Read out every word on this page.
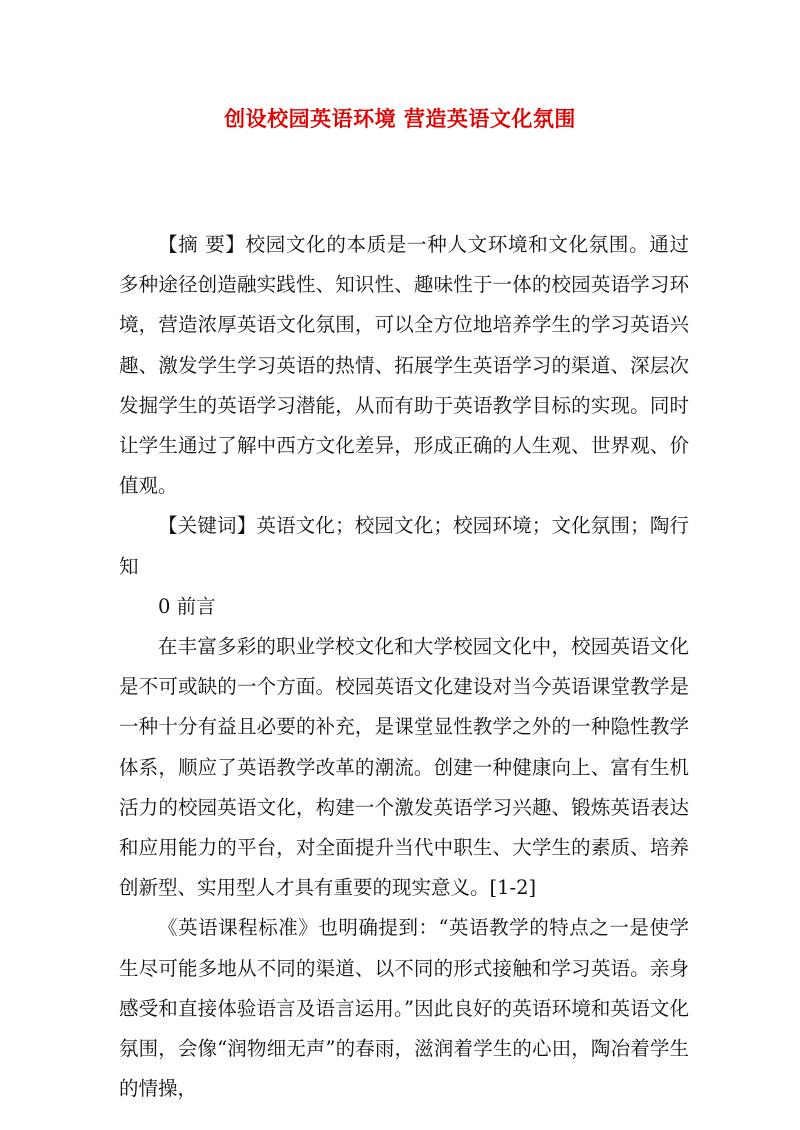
创设校园英语环境 营造英语文化氛围

【摘 要】校园文化的本质是一种人文环境和文化氛围。通过多种途径创造融实践性、知识性、趣味性于一体的校园英语学习环境，营造浓厚英语文化氛围，可以全方位地培养学生的学习英语兴趣、激发学生学习英语的热情、拓展学生英语学习的渠道、深层次发掘学生的英语学习潜能，从而有助于英语教学目标的实现。同时让学生通过了解中西方文化差异，形成正确的人生观、世界观、价值观。

【关键词】英语文化；校园文化；校园环境；文化氛围；陶行知

0 前言

在丰富多彩的职业学校文化和大学校园文化中，校园英语文化是不可或缺的一个方面。校园英语文化建设对当今英语课堂教学是一种十分有益且必要的补充，是课堂显性教学之外的一种隐性教学体系，顺应了英语教学改革的潮流。创建一种健康向上、富有生机活力的校园英语文化，构建一个激发英语学习兴趣、锻炼英语表达和应用能力的平台，对全面提升当代中职生、大学生的素质、培养创新型、实用型人才具有重要的现实意义。[1-2]

《英语课程标准》也明确提到：“英语教学的特点之一是使学生尽可能多地从不同的渠道、以不同的形式接触和学习英语。亲身感受和直接体验语言及语言运用。”因此良好的英语环境和英语文化氛围，会像“润物细无声”的春雨，滋润着学生的心田，陶冶着学生的情操，
